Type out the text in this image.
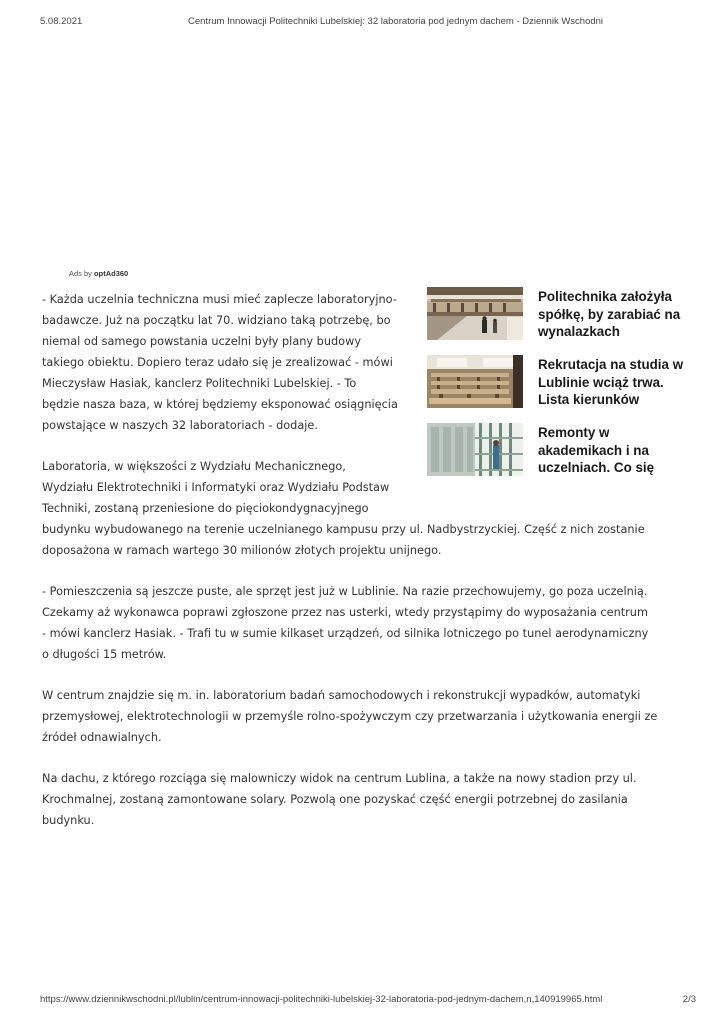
5.08.2021	Centrum Innowacji Politechniki Lubelskiej: 32 laboratoria pod jednym dachem - Dziennik Wschodni
Ads by optAd360

- Każda uczelnia techniczna musi mieć zaplecze laboratoryjno-
badawcze. Już na początku lat 70. widziano taką potrzebę, bo
niemal od samego powstania uczelni były plany budowy
takiego obiektu. Dopiero teraz udało się je zrealizować - mówi
Mieczysław Hasiak, kanclerz Politechniki Lubelskiej. - To
będzie nasza baza, w której będziemy eksponować osiągnięcia
powstające w naszych 32 laboratoriach - dodaje.

Laboratoria, w większości z Wydziału Mechanicznego,
Wydziału Elektrotechniki i Informatyki oraz Wydziału Podstaw
Techniki, zostaną przeniesione do pięciokondygnacyjnego
budynku wybudowanego na terenie uczelnianego kampusu przy ul. Nadbystrzyckiej. Część z nich zostanie
doposażona w ramach wartego 30 milionów złotych projektu unijnego.

- Pomieszczenia są jeszcze puste, ale sprzęt jest już w Lublinie. Na razie przechowujemy, go poza uczelnią.
Czekamy aż wykonawca poprawi zgłoszone przez nas usterki, wtedy przystąpimy do wyposażania centrum
- mówi kanclerz Hasiak. - Trafi tu w sumie kilkaset urządzeń, od silnika lotniczego po tunel aerodynamiczny
o długości 15 metrów.

W centrum znajdzie się m. in. laboratorium badań samochodowych i rekonstrukcji wypadków, automatyki
przemysłowej, elektrotechnologii w przemyśle rolno-spożywczym czy przetwarzania i użytkowania energii ze
źródeł odnawialnych.

Na dachu, z którego rozciąga się malowniczy widok na centrum Lublina, a także na nowy stadion przy ul.
Krochmalnej, zostaną zamontowane solary. Pozwolą one pozyskać część energii potrzebnej do zasilania
budynku.

Politechnika założyła spółkę, by zarabiać na wynalazkach
Rekrutacja na studia w Lublinie wciąż trwa. Lista kierunków
Remonty w akademikach i na uczelniach. Co się
https://www.dziennikwschodni.pl/lublin/centrum-innowacji-politechniki-lubelskiej-32-laboratoria-pod-jednym-dachem,n,140919965.html	2/3
